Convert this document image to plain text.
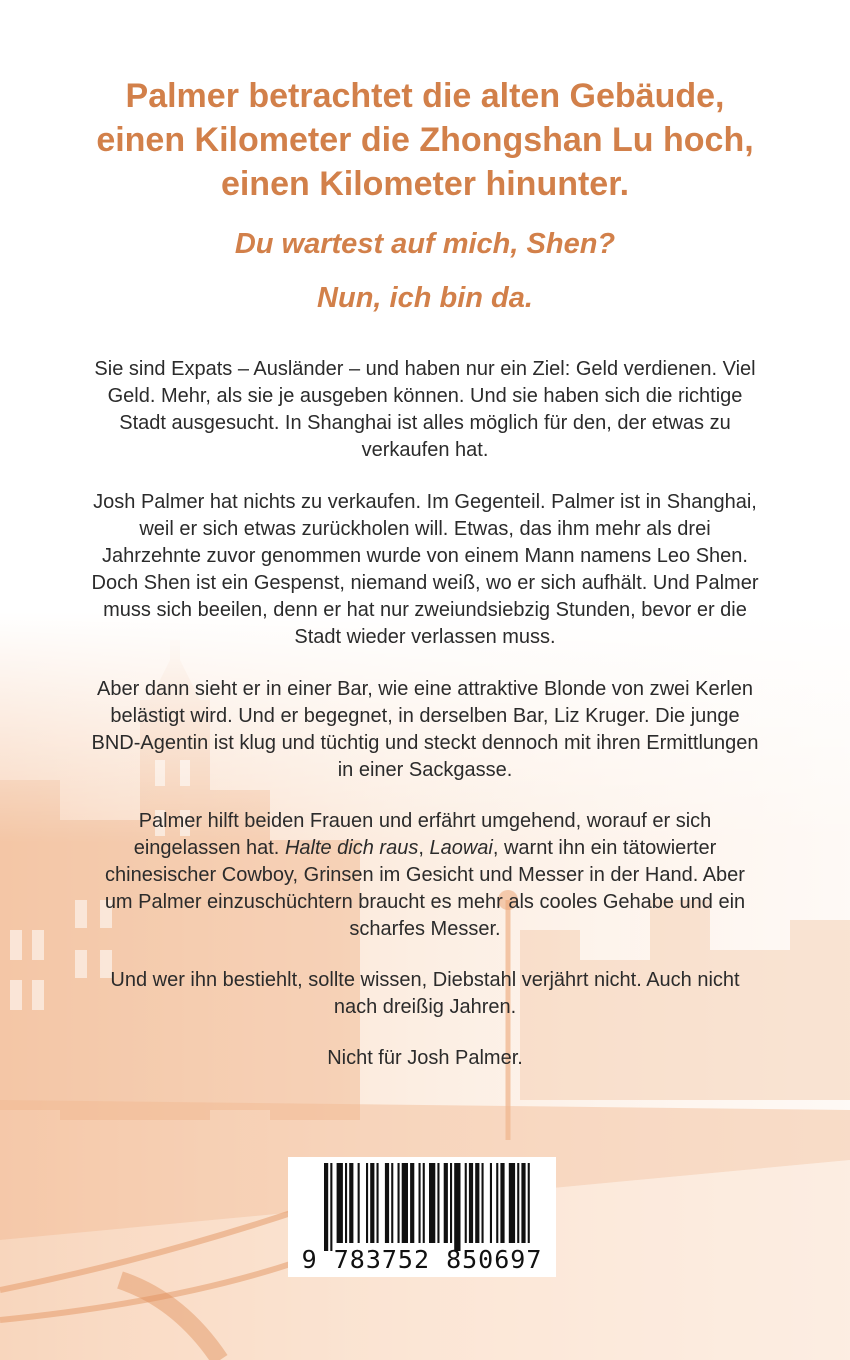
Palmer betrachtet die alten Gebäude,
einen Kilometer die Zhongshan Lu hoch,
einen Kilometer hinunter.

Du wartest auf mich, Shen?

Nun, ich bin da.

Sie sind Expats – Ausländer – und haben nur ein Ziel: Geld verdienen. Viel Geld. Mehr, als sie je ausgeben können. Und sie haben sich die richtige Stadt ausgesucht. In Shanghai ist alles möglich für den, der etwas zu verkaufen hat.

Josh Palmer hat nichts zu verkaufen. Im Gegenteil. Palmer ist in Shanghai, weil er sich etwas zurückholen will. Etwas, das ihm mehr als drei Jahrzehnte zuvor genommen wurde von einem Mann namens Leo Shen. Doch Shen ist ein Gespenst, niemand weiß, wo er sich aufhält. Und Palmer muss sich beeilen, denn er hat nur zweiundsiebzig Stunden, bevor er die Stadt wieder verlassen muss.

Aber dann sieht er in einer Bar, wie eine attraktive Blonde von zwei Kerlen belästigt wird. Und er begegnet, in derselben Bar, Liz Kruger. Die junge BND-Agentin ist klug und tüchtig und steckt dennoch mit ihren Ermittlungen in einer Sackgasse.

Palmer hilft beiden Frauen und erfährt umgehend, worauf er sich eingelassen hat. Halte dich raus, Laowai, warnt ihn ein tätowierter chinesischer Cowboy, Grinsen im Gesicht und Messer in der Hand. Aber um Palmer einzuschüchtern braucht es mehr als cooles Gehabe und ein scharfes Messer.

Und wer ihn bestiehlt, sollte wissen, Diebstahl verjährt nicht. Auch nicht nach dreißig Jahren.

Nicht für Josh Palmer.

9 783752 850697
